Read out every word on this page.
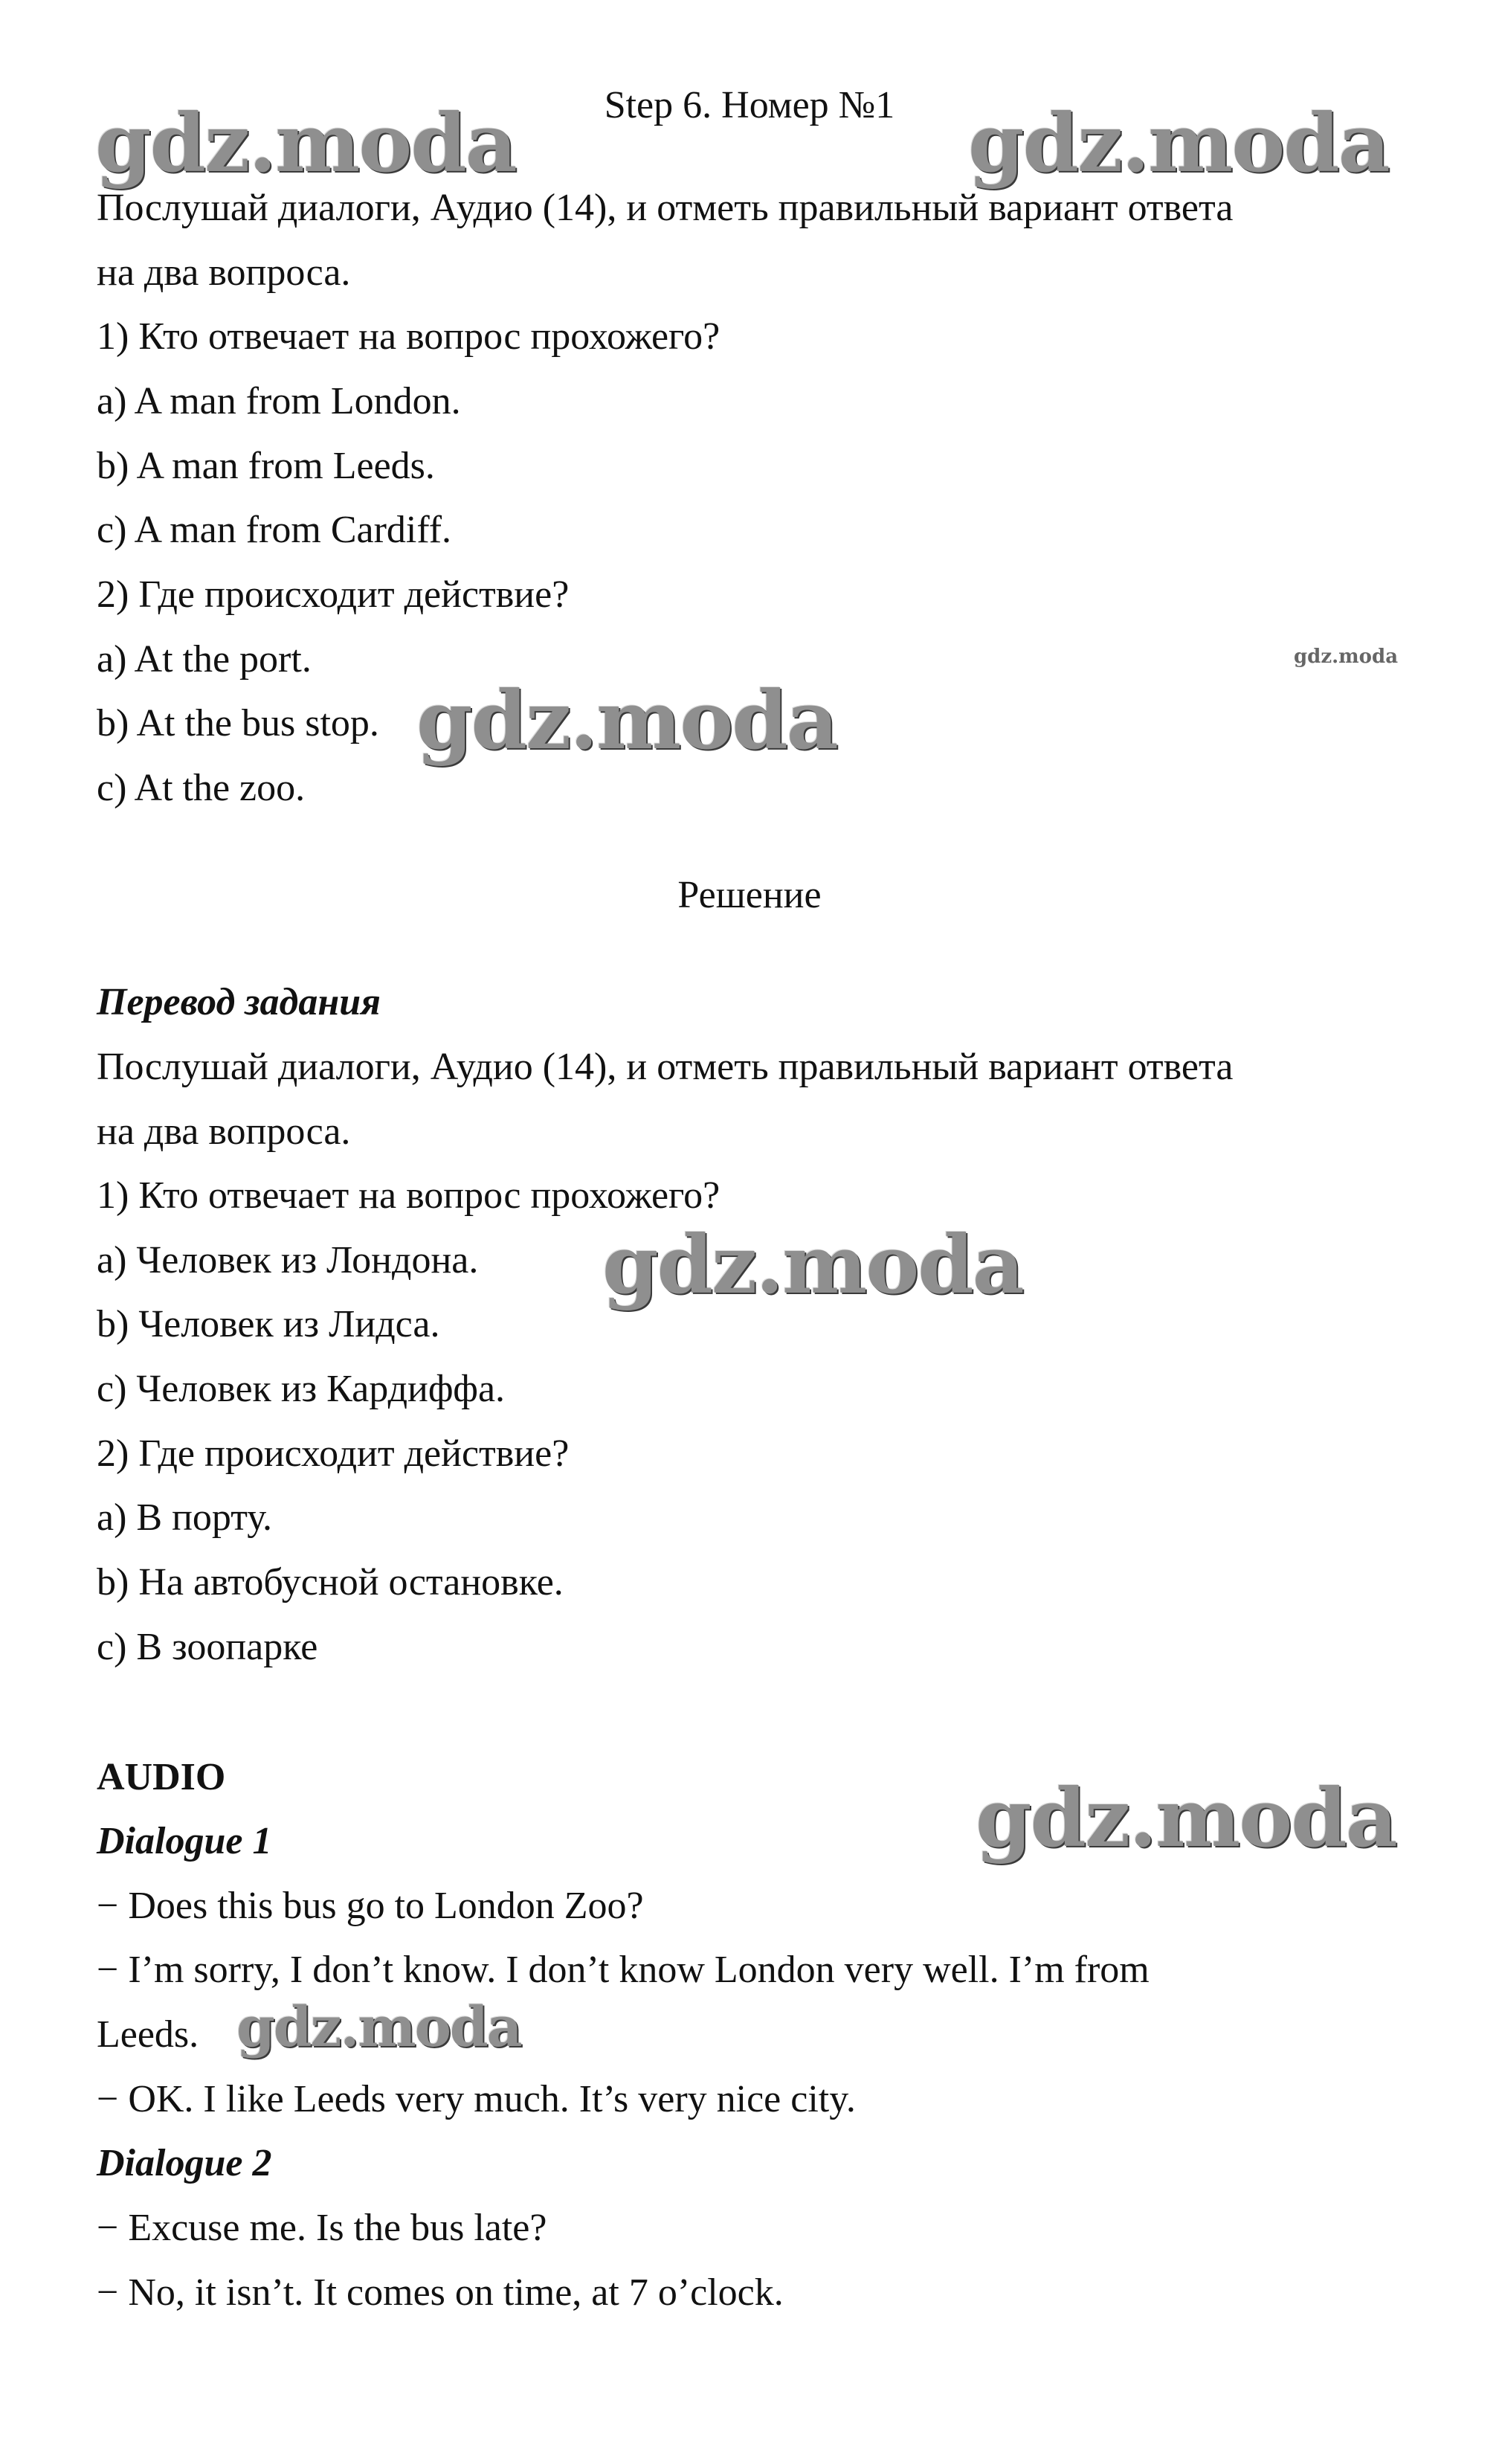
Step 6. Номер №1
gdz.moda	gdz.moda
gdz.moda
gdz.moda
gdz.moda
gdz.moda
gdz.moda
Послушай диалоги, Аудио (14), и отметь правильный вариант ответа
на два вопроса.
1) Кто отвечает на вопрос прохожего?
a) A man from London.
b) A man from Leeds.
c) A man from Cardiff.
2) Где происходит действие?
a) At the port.
b) At the bus stop.
c) At the zoo.
Решение
Перевод задания
Послушай диалоги, Аудио (14), и отметь правильный вариант ответа
на два вопроса.
1) Кто отвечает на вопрос прохожего?
a) Человек из Лондона.
b) Человек из Лидса.
c) Человек из Кардиффа.
2) Где происходит действие?
a) В порту.
b) На автобусной остановке.
c) В зоопарке
AUDIO
Dialogue 1
− Does this bus go to London Zoo?
− I’m sorry, I don’t know. I don’t know London very well. I’m from
Leeds.
− OK. I like Leeds very much. It’s very nice city.
Dialogue 2
− Excuse me. Is the bus late?
− No, it isn’t. It comes on time, at 7 o’clock.
